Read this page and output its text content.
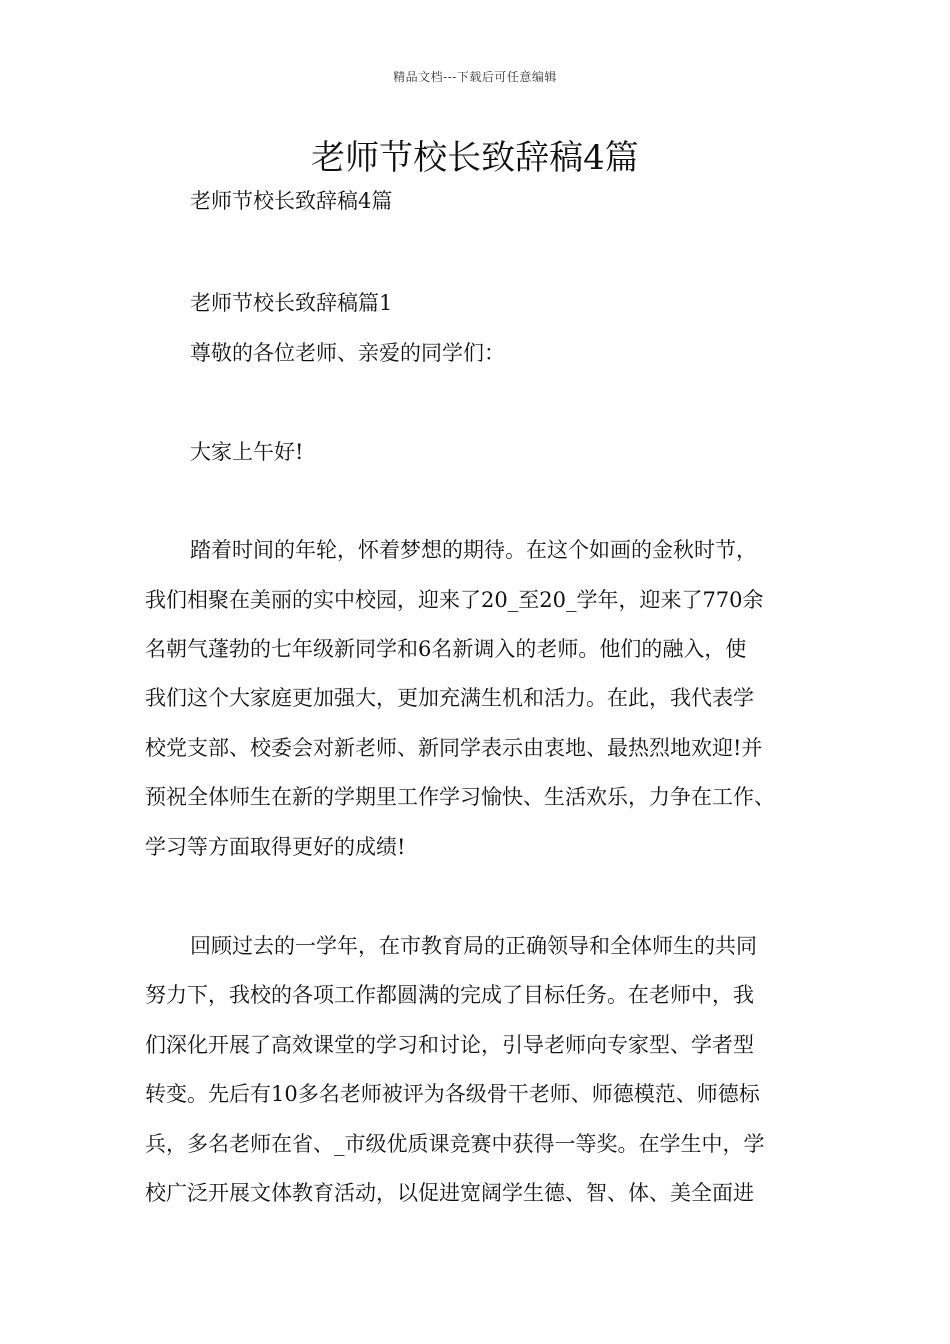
精品文档---下载后可任意编辑
老师节校长致辞稿4篇
老师节校长致辞稿4篇
老师节校长致辞稿篇1
尊敬的各位老师、亲爱的同学们：
大家上午好!
踏着时间的年轮，怀着梦想的期待。在这个如画的金秋时节，
我们相聚在美丽的实中校园，迎来了20_至20_学年，迎来了770余
名朝气蓬勃的七年级新同学和6名新调入的老师。他们的融入，使
我们这个大家庭更加强大，更加充满生机和活力。在此，我代表学
校党支部、校委会对新老师、新同学表示由衷地、最热烈地欢迎!并
预祝全体师生在新的学期里工作学习愉快、生活欢乐，力争在工作、
学习等方面取得更好的成绩!
回顾过去的一学年，在市教育局的正确领导和全体师生的共同
努力下，我校的各项工作都圆满的完成了目标任务。在老师中，我
们深化开展了高效课堂的学习和讨论，引导老师向专家型、学者型
转变。先后有10多名老师被评为各级骨干老师、师德模范、师德标
兵，多名老师在省、_市级优质课竞赛中获得一等奖。在学生中，学
校广泛开展文体教育活动，以促进宽阔学生德、智、体、美全面进
